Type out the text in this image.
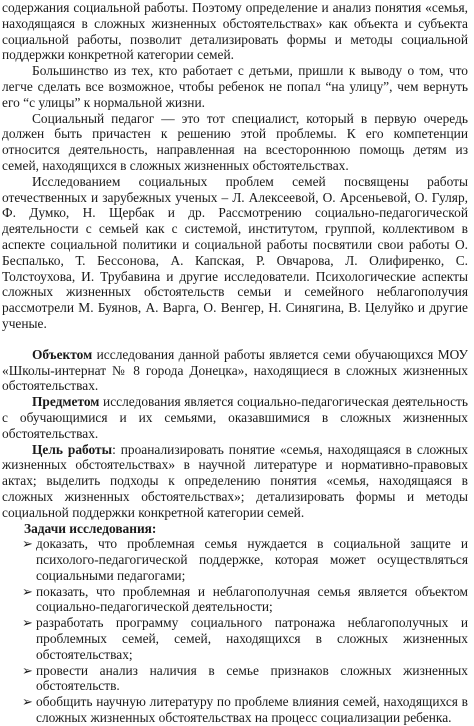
содержания социальной работы. Поэтому определение и анализ понятия «семья, находящаяся в сложных жизненных обстоятельствах» как объекта и субъекта социальной работы, позволит детализировать формы и методы социальной поддержки конкретной категории семей.

Большинство из тех, кто работает с детьми, пришли к выводу о том, что легче сделать все возможное, чтобы ребенок не попал “на улицу”, чем вернуть его “с улицы” к нормальной жизни.

Социальный педагог — это тот специалист, который в первую очередь должен быть причастен к решению этой проблемы. К его компетенции относится деятельность, направленная на всестороннюю помощь детям из семей, находящихся в сложных жизненных обстоятельствах.

Исследованием социальных проблем семей посвящены работы отечественных и зарубежных ученых – Л. Алексеевой, О. Арсеньевой, О. Гуляр, Ф. Думко, Н. Щербак и др. Рассмотрению социально-педагогической деятельности с семьей как с системой, институтом, группой, коллективом в аспекте социальной политики и социальной работы посвятили свои работы О. Беспалько, Т. Бессонова, А. Капская, Р. Овчарова, Л. Олифиренко, С. Толстоухова, И. Трубавина и другие исследователи. Психологические аспекты сложных жизненных обстоятельств семьи и семейного неблагополучия рассмотрели М. Буянов, А. Варга, О. Венгер, Н. Синягина, В. Целуйко и другие ученые.

Объектом исследования данной работы является семи обучающихся МОУ «Школы-интернат № 8 города Донецка», находящиеся в сложных жизненных обстоятельствах.

Предметом исследования является социально-педагогическая деятельность с обучающимися и их семьями, оказавшимися в сложных жизненных обстоятельствах.

Цель работы: проанализировать понятие «семья, находящаяся в сложных жизненных обстоятельствах» в научной литературе и нормативно-правовых актах; выделить подходы к определению понятия «семья, находящаяся в сложных жизненных обстоятельствах»; детализировать формы и методы социальной поддержки конкретной категории семей.

Задачи исследования:
➢ доказать, что проблемная семья нуждается в социальной защите и психолого-педагогической поддержке, которая может осуществляться социальными педагогами;
➢ показать, что проблемная и неблагополучная семья является объектом социально-педагогической деятельности;
➢ разработать программу социального патронажа неблагополучных и проблемных семей, семей, находящихся в сложных жизненных обстоятельствах;
➢ провести анализ наличия в семье признаков сложных жизненных обстоятельств.
➢ обобщить научную литературу по проблеме влияния семей, находящихся в сложных жизненных обстоятельствах на процесс социализации ребенка.
